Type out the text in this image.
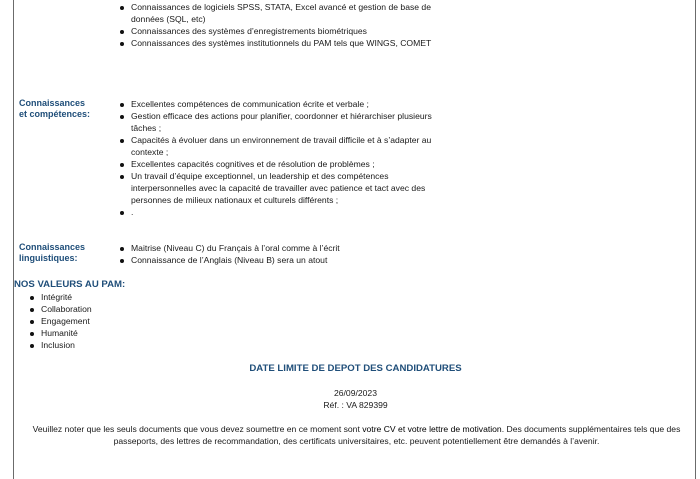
Connaissances de logiciels SPSS, STATA, Excel avancé et gestion de base de données (SQL, etc)
Connaissances des systèmes d’enregistrements biométriques
Connaissances des systèmes institutionnels du PAM tels que WINGS, COMET
Connaissances
et compétences:
Excellentes compétences de communication écrite et verbale ;
Gestion efficace des actions pour planifier, coordonner et hiérarchiser plusieurs tâches ;
Capacités à évoluer dans un environnement de travail difficile et à s’adapter au contexte ;
Excellentes capacités cognitives et de résolution de problèmes ;
Un travail d’équipe exceptionnel, un leadership et des compétences interpersonnelles avec la capacité de travailler avec patience et tact avec des personnes de milieux nationaux et culturels différents ;
.
Connaissances
linguistiques:
Maitrise (Niveau C) du Français à l’oral comme à l’écrit
Connaissance de l’Anglais (Niveau B) sera un atout
NOS VALEURS AU PAM:
Intégrité
Collaboration
Engagement
Humanité
Inclusion
DATE LIMITE DE DEPOT DES CANDIDATURES
26/09/2023
Réf. : VA 829399
Veuillez noter que les seuls documents que vous devez soumettre en ce moment sont votre CV et votre lettre de motivation. Des documents supplémentaires tels que des passeports, des lettres de recommandation, des certificats universitaires, etc. peuvent potentiellement être demandés à l’avenir.
